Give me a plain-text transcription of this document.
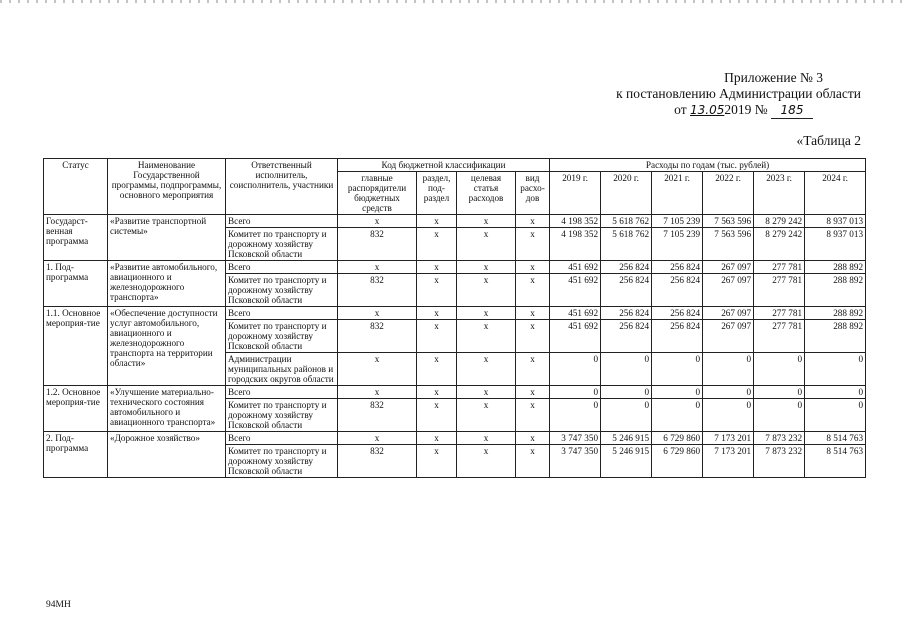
Приложение № 3
к постановлению Администрации области
от 13.052019 № 185
«Таблица 2
Статус	Наименование Государственной программы, подпрограммы, основного мероприятия	Ответственный исполнитель, соисполнитель, участники	Код бюджетной классификации				Расходы по годам (тыс. рублей)					
			главные распорядители бюджетных средств	раздел, под-раздел	целевая статья расходов	вид расхо-дов	2019 г.	2020 г.	2021 г.	2022 г.	2023 г.	2024 г.
Государст-венная программа	«Развитие транспортной системы»	Всего	х	х	х	х	4 198 352	5 618 762	7 105 239	7 563 596	8 279 242	8 937 013
		Комитет по транспорту и дорожному хозяйству Псковской области	832	х	х	х	4 198 352	5 618 762	7 105 239	7 563 596	8 279 242	8 937 013
1. Под-программа	«Развитие автомобильного, авиационного и железнодорожного транспорта»	Всего	х	х	х	х	451 692	256 824	256 824	267 097	277 781	288 892
		Комитет по транспорту и дорожному хозяйству Псковской области	832	х	х	х	451 692	256 824	256 824	267 097	277 781	288 892
1.1. Основное мероприя-тие	«Обеспечение доступности услуг автомобильного, авиационного и железнодорожного транспорта на территории области»	Всего	х	х	х	х	451 692	256 824	256 824	267 097	277 781	288 892
		Комитет по транспорту и дорожному хозяйству Псковской области	832	х	х	х	451 692	256 824	256 824	267 097	277 781	288 892
		Администрации муниципальных районов и городских округов области	х	х	х	х	0	0	0	0	0	0
1.2. Основное мероприя-тие	«Улучшение материально-технического состояния автомобильного и авиационного транспорта»	Всего	х	х	х	х	0	0	0	0	0	0
		Комитет по транспорту и дорожному хозяйству Псковской области	832	х	х	х	0	0	0	0	0	0
2. Под-программа	«Дорожное хозяйство»	Всего	х	х	х	х	3 747 350	5 246 915	6 729 860	7 173 201	7 873 232	8 514 763
		Комитет по транспорту и дорожному хозяйству Псковской области	832	х	х	х	3 747 350	5 246 915	6 729 860	7 173 201	7 873 232	8 514 763
94МН
